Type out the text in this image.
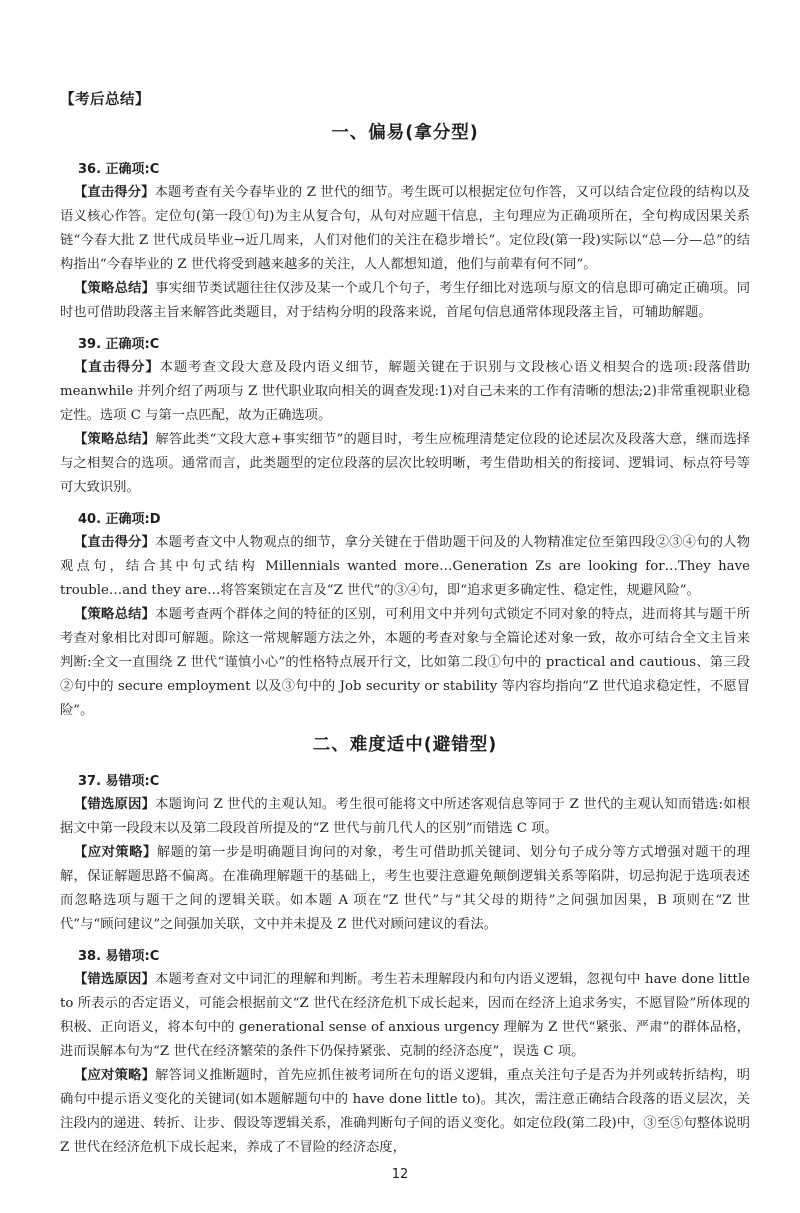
【考后总结】
一、偏易(拿分型)
36. 正确项:C

【直击得分】本题考查有关今春毕业的 Z 世代的细节。考生既可以根据定位句作答，又可以结合定位段的结构以及语义核心作答。定位句(第一段①句)为主从复合句，从句对应题干信息，主句理应为正确项所在，全句构成因果关系链“今春大批 Z 世代成员毕业→近几周来，人们对他们的关注在稳步增长”。定位段(第一段)实际以“总—分—总”的结构指出“今春毕业的 Z 世代将受到越来越多的关注，人人都想知道，他们与前辈有何不同”。

【策略总结】事实细节类试题往往仅涉及某一个或几个句子，考生仔细比对选项与原文的信息即可确定正确项。同时也可借助段落主旨来解答此类题目，对于结构分明的段落来说，首尾句信息通常体现段落主旨，可辅助解题。

39. 正确项:C

【直击得分】本题考查文段大意及段内语义细节，解题关键在于识别与文段核心语义相契合的选项:段落借助 meanwhile 并列介绍了两项与 Z 世代职业取向相关的调查发现:1)对自己未来的工作有清晰的想法;2)非常重视职业稳定性。选项 C 与第一点匹配，故为正确选项。

【策略总结】解答此类“文段大意+事实细节”的题目时，考生应梳理清楚定位段的论述层次及段落大意，继而选择与之相契合的选项。通常而言，此类题型的定位段落的层次比较明晰，考生借助相关的衔接词、逻辑词、标点符号等可大致识别。

40. 正确项:D

【直击得分】本题考查文中人物观点的细节，拿分关键在于借助题干问及的人物精准定位至第四段②③④句的人物观点句，结合其中句式结构 Millennials wanted more…Generation Zs are looking for…They have trouble…and they are…将答案锁定在言及“Z 世代”的③④句，即“追求更多确定性、稳定性，规避风险”。

【策略总结】本题考查两个群体之间的特征的区别，可利用文中并列句式锁定不同对象的特点，进而将其与题干所考查对象相比对即可解题。除这一常规解题方法之外，本题的考查对象与全篇论述对象一致，故亦可结合全文主旨来判断:全文一直围绕 Z 世代“谨慎小心”的性格特点展开行文，比如第二段①句中的 practical and cautious、第三段②句中的 secure employment 以及③句中的 Job security or stability 等内容均指向“Z 世代追求稳定性，不愿冒险”。

二、难度适中(避错型)
37. 易错项:C

【错选原因】本题询问 Z 世代的主观认知。考生很可能将文中所述客观信息等同于 Z 世代的主观认知而错选:如根据文中第一段段末以及第二段段首所提及的“Z 世代与前几代人的区别”而错选 C 项。

【应对策略】解题的第一步是明确题目询问的对象，考生可借助抓关键词、划分句子成分等方式增强对题干的理解，保证解题思路不偏离。在准确理解题干的基础上，考生也要注意避免颠倒逻辑关系等陷阱，切忌拘泥于选项表述而忽略选项与题干之间的逻辑关联。如本题 A 项在“Z 世代”与“其父母的期待”之间强加因果，B 项则在“Z 世代”与“顾问建议”之间强加关联，文中并未提及 Z 世代对顾问建议的看法。

38. 易错项:C

【错选原因】本题考查对文中词汇的理解和判断。考生若未理解段内和句内语义逻辑，忽视句中 have done little to 所表示的否定语义，可能会根据前文“Z 世代在经济危机下成长起来，因而在经济上追求务实，不愿冒险”所体现的积极、正向语义，将本句中的 generational sense of anxious urgency 理解为 Z 世代“紧张、严肃”的群体品格，进而误解本句为“Z 世代在经济繁荣的条件下仍保持紧张、克制的经济态度”，误选 C 项。

【应对策略】解答词义推断题时，首先应抓住被考词所在句的语义逻辑，重点关注句子是否为并列或转折结构，明确句中提示语义变化的关键词(如本题解题句中的 have done little to)。其次，需注意正确结合段落的语义层次，关注段内的递进、转折、让步、假设等逻辑关系，准确判断句子间的语义变化。如定位段(第二段)中，③至⑤句整体说明 Z 世代在经济危机下成长起来，养成了不冒险的经济态度，

12
